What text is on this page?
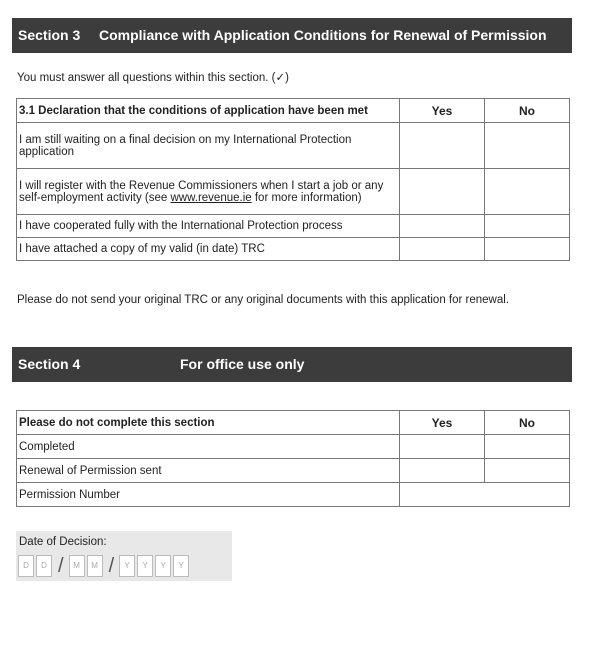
Section 3 Compliance with Application Conditions for Renewal of Permission
You must answer all questions within this section. (✓)
3.1 Declaration that the conditions of application have been met	Yes	No
I am still waiting on a final decision on my International Protection application		
I will register with the Revenue Commissioners when I start a job or any self-employment activity (see www.revenue.ie for more information)		
I have cooperated fully with the International Protection process		
I have attached a copy of my valid (in date) TRC		
Please do not send your original TRC or any original documents with this application for renewal.
Section 4	For office use only
Please do not complete this section	Yes	No
Completed		
Renewal of Permission sent		
Permission Number		
Date of Decision:
D	D /	M	M /	Y	Y	Y	Y
